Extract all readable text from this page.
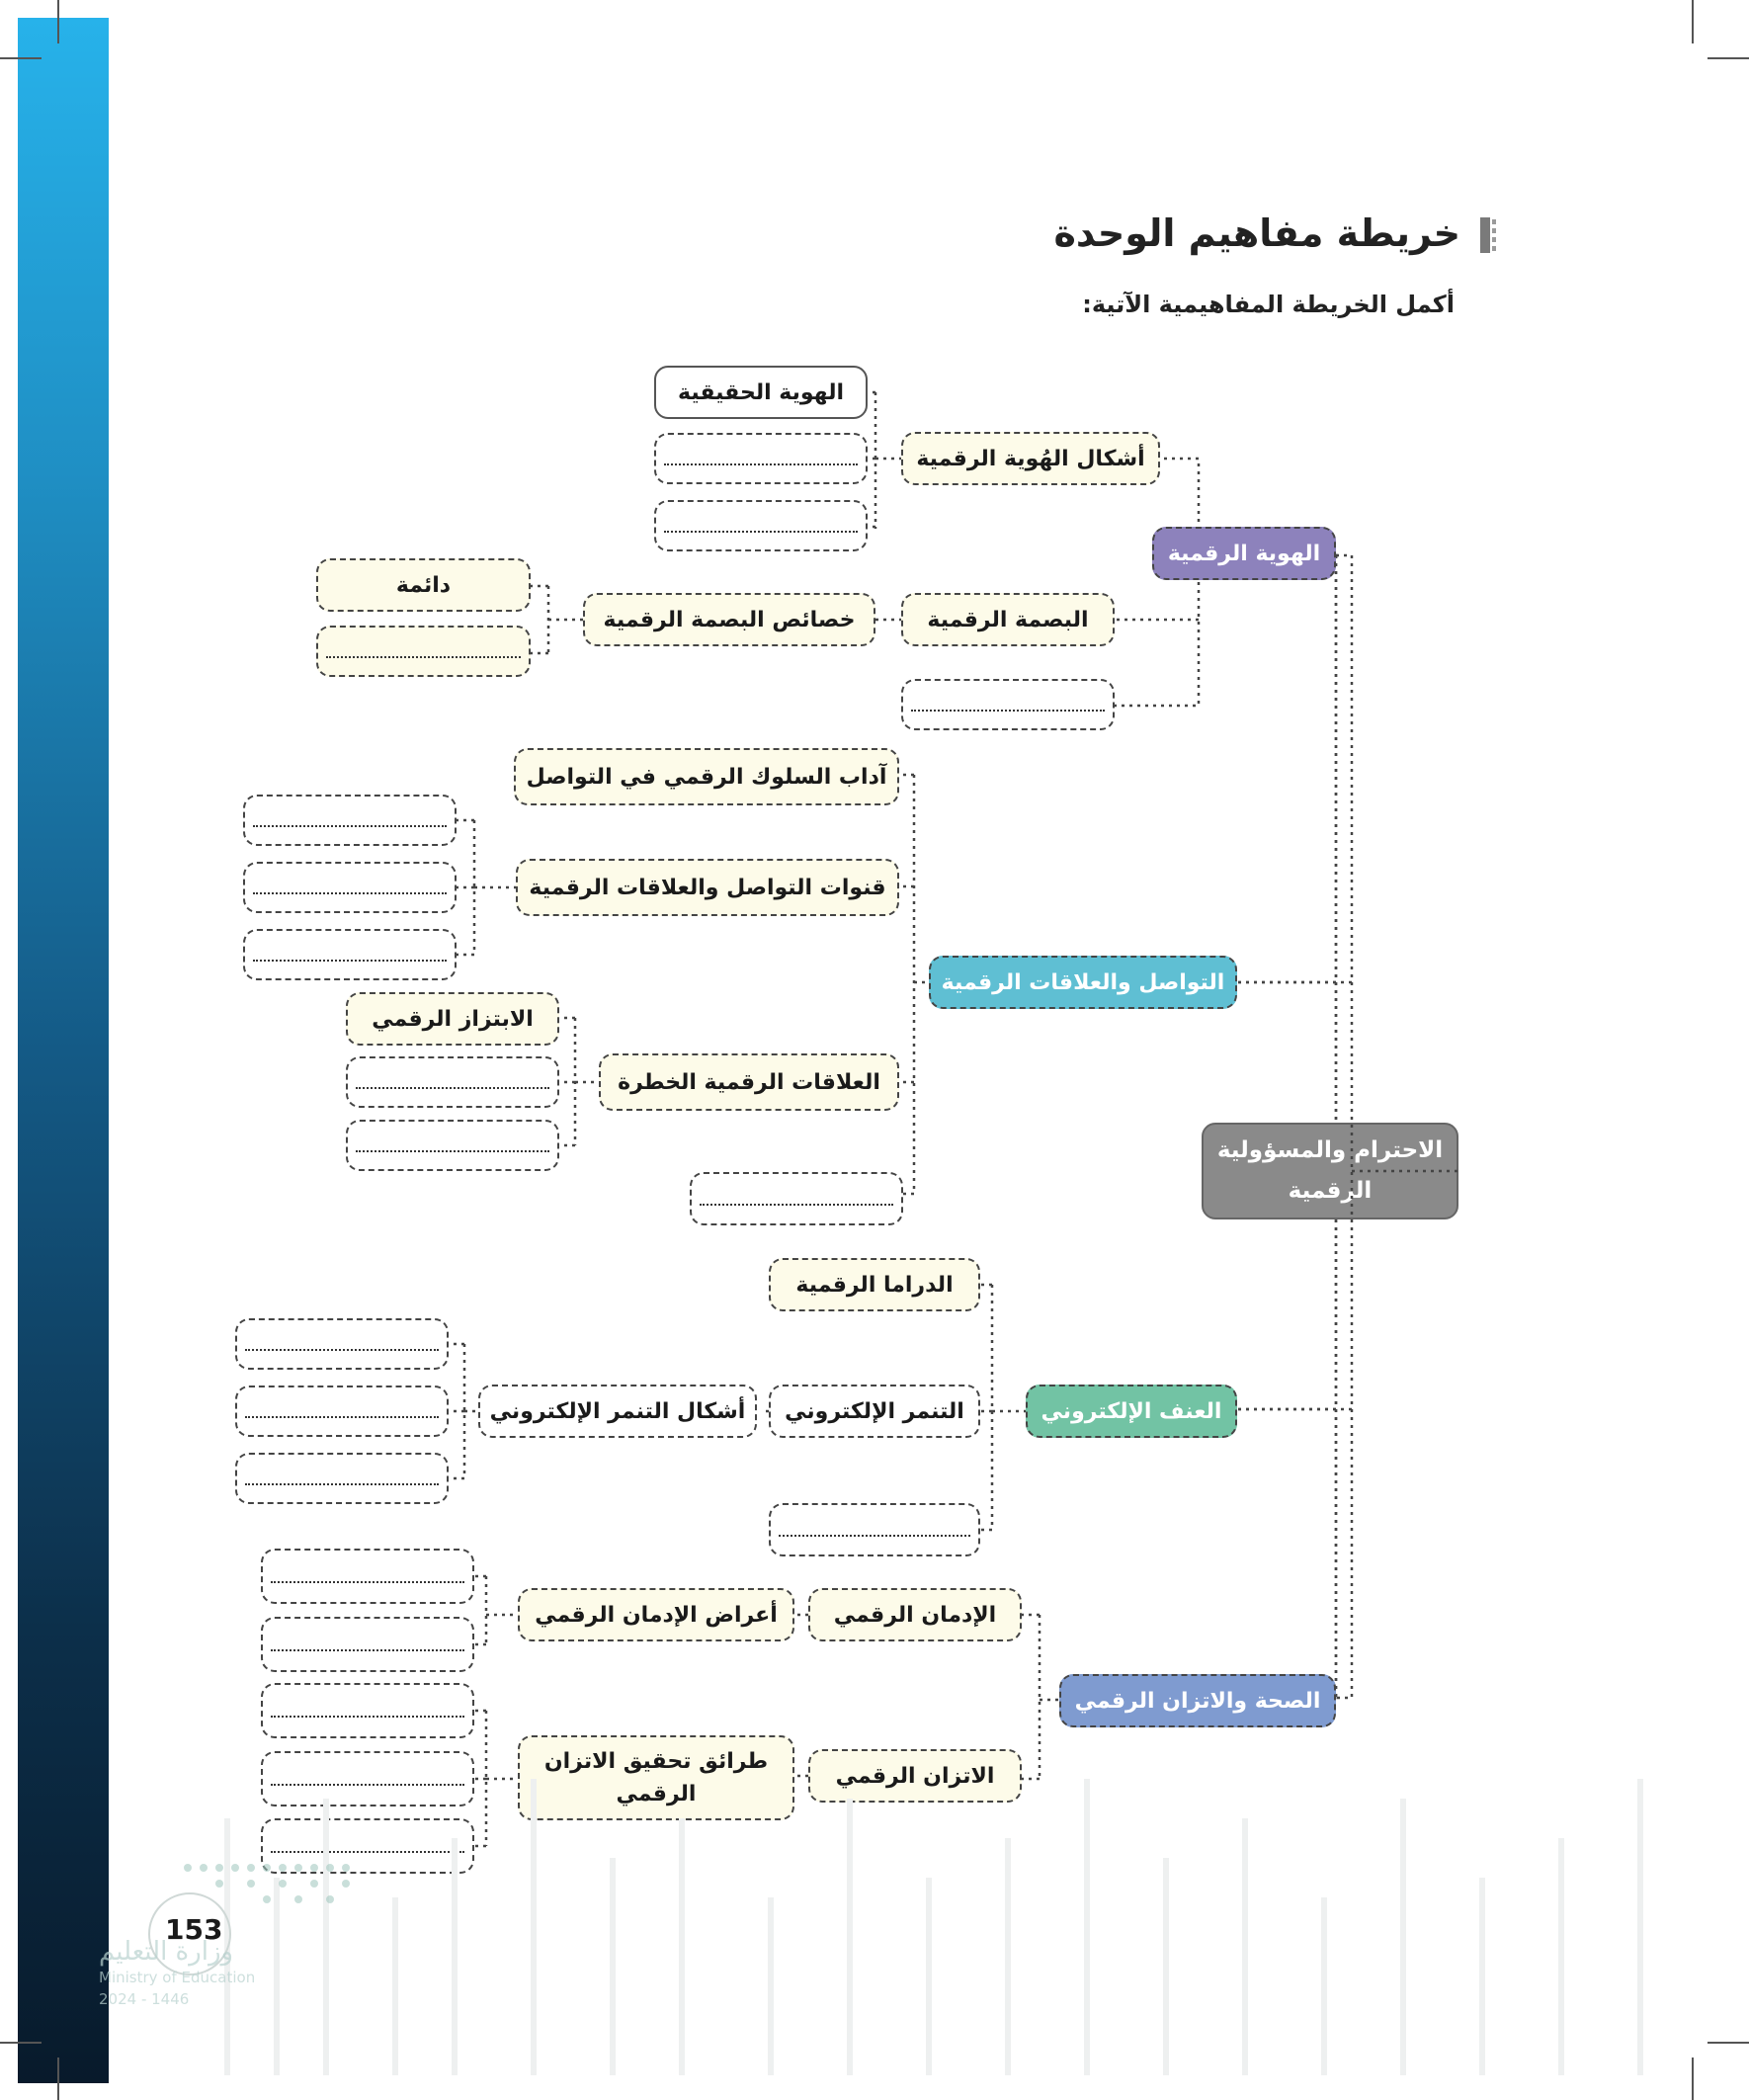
خريطة مفاهيم الوحدة
أكمل الخريطة المفاهيمية الآتية:
الهوية الحقيقية
أشكال الهُوية الرقمية
الهوية الرقمية
دائمة
خصائص البصمة الرقمية	البصمة الرقمية
آداب السلوك الرقمي في التواصل
قنوات التواصل والعلاقات الرقمية
التواصل والعلاقات الرقمية
الابتزاز الرقمي
العلاقات الرقمية الخطرة
الاحترام والمسؤولية الرقمية
الدراما الرقمية
أشكال التنمر الإلكتروني	التنمر الإلكتروني	العنف الإلكتروني
أعراض الإدمان الرقمي	الإدمان الرقمي
الصحة والاتزان الرقمي
طرائق تحقيق الاتزان الرقمي
الاتزان الرقمي
153
وزارة التعليم
Ministry of Education
2024 - 1446
